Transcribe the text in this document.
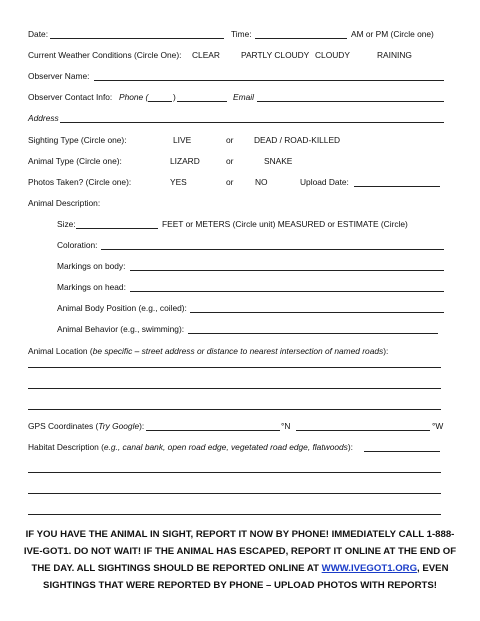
Date:	Time:	AM or PM (Circle one)
Current Weather Conditions (Circle One): CLEAR	PARTLY CLOUDY CLOUDY	RAINING
Observer Name:
Observer Contact Info: Phone (	)	Email
Address
Sighting Type (Circle one):	LIVE	or DEAD / ROAD-KILLED
Animal Type (Circle one):	LIZARD	or	SNAKE
Photos Taken? (Circle one):	YES	or	NO	Upload Date:
Animal Description:
Size:	FEET or METERS (Circle unit) MEASURED or ESTIMATE (Circle)
Coloration:
Markings on body:
Markings on head:
Animal Body Position (e.g., coiled):
Animal Behavior (e.g., swimming):
Animal Location (be specific – street address or distance to nearest intersection of named roads):
GPS Coordinates (Try Google):	°N	°W
Habitat Description (e.g., canal bank, open road edge, vegetated road edge, flatwoods):
IF YOU HAVE THE ANIMAL IN SIGHT, REPORT IT NOW BY PHONE! IMMEDIATELY CALL 1-888-IVE-GOT1. DO NOT WAIT! IF THE ANIMAL HAS ESCAPED, REPORT IT ONLINE AT THE END OF THE DAY. ALL SIGHTINGS SHOULD BE REPORTED ONLINE AT WWW.IVEGOT1.ORG, EVEN SIGHTINGS THAT WERE REPORTED BY PHONE – UPLOAD PHOTOS WITH REPORTS!
